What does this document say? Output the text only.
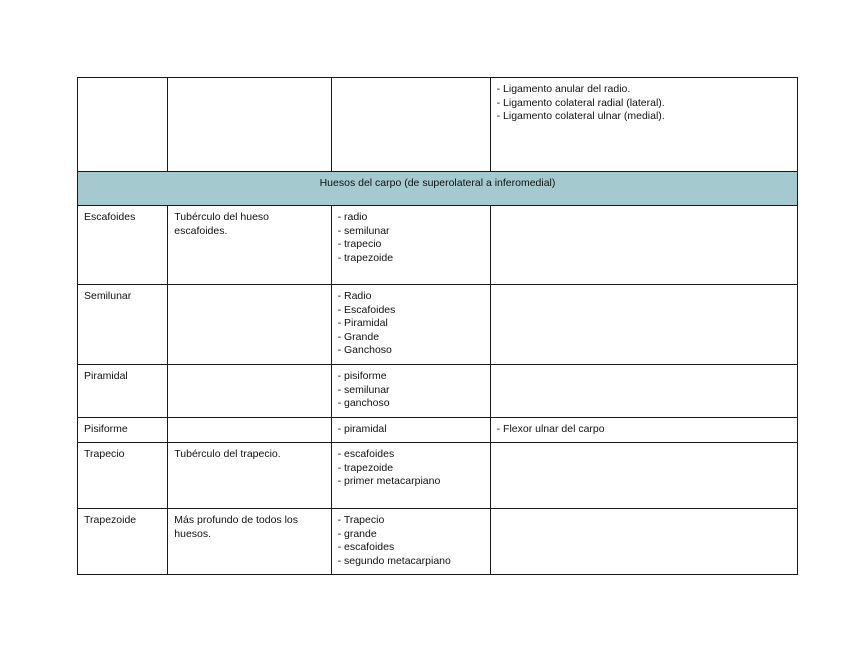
			- Ligamento anular del radio.
- Ligamento colateral radial (lateral).
- Ligamento colateral ulnar (medial).

Huesos del carpo (de superolateral a inferomedial)			
Escafoides	Tubérculo del hueso escafoides.	- radio
- semilunar
- trapecio
- trapezoide	

Semilunar		- Radio
- Escafoides
- Piramidal
- Grande
- Ganchoso	

Piramidal		- pisiforme
- semilunar
- ganchoso	

Pisiforme		- piramidal	- Flexor ulnar del carpo

Trapecio	Tubérculo del trapecio.	- escafoides
- trapezoide
- primer metacarpiano	

Trapezoide	Más profundo de todos los huesos.	- Trapecio
- grande
- escafoides
- segundo metacarpiano	
